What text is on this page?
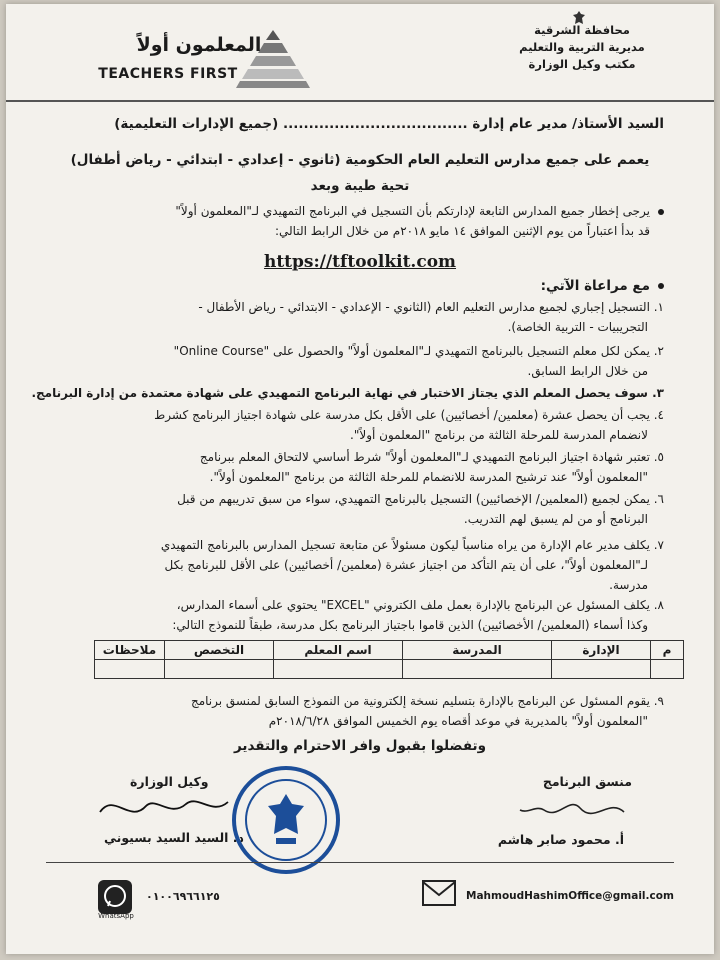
محافظة الشرقية
مديرية التربية والتعليم
مكتب وكيل الوزارة
المعلمون أولاً
TEACHERS FIRST
السيد الأستاذ/ مدير عام إدارة .................................... (جميع الإدارات التعليمية)
يعمم على جميع مدارس التعليم العام الحكومية (ثانوي - إعدادي - ابتدائي - رياض أطفال)
تحية طيبة وبعد
يرجى إخطار جميع المدارس التابعة لإدارتكم بأن التسجيل في البرنامج التمهيدي لـ"المعلمون أولاً"
قد بدأ اعتباراً من يوم الإثنين الموافق ١٤ مايو ٢٠١٨م من خلال الرابط التالي:
https://tftoolkit.com
مع مراعاة الآتي:
١. التسجيل إجباري لجميع مدارس التعليم العام (الثانوي - الإعدادي - الابتدائي - رياض الأطفال -
التجريبيات - التربية الخاصة).
٢. يمكن لكل معلم التسجيل بالبرنامج التمهيدي لـ"المعلمون أولاً" والحصول على "Online Course"
من خلال الرابط السابق.
٣. سوف يحصل المعلم الذي يجتاز الاختبار في نهاية البرنامج التمهيدي على شهادة معتمدة من إدارة البرنامج.
٤. يجب أن يحصل عشرة (معلمين/ أخصائيين) على الأقل بكل مدرسة على شهادة اجتياز البرنامج كشرط
لانضمام المدرسة للمرحلة الثالثة من برنامج "المعلمون أولاً".
٥. تعتبر شهادة اجتياز البرنامج التمهيدي لـ"المعلمون أولاً" شرط أساسي لالتحاق المعلم ببرنامج
"المعلمون أولاً" عند ترشيح المدرسة للانضمام للمرحلة الثالثة من برنامج "المعلمون أولاً".
٦. يمكن لجميع (المعلمين/ الإخصائيين) التسجيل بالبرنامج التمهيدي، سواء من سبق تدريبهم من قبل
البرنامج أو من لم يسبق لهم التدريب.
٧. يكلف مدير عام الإدارة من يراه مناسباً ليكون مسئولاً عن متابعة تسجيل المدارس بالبرنامج التمهيدي
لـ"المعلمون أولاً"، على أن يتم التأكد من اجتياز عشرة (معلمين/ أخصائيين) على الأقل للبرنامج بكل
مدرسة.
٨. يكلف المسئول عن البرنامج بالإدارة بعمل ملف الكتروني "EXCEL" يحتوي على أسماء المدارس،
وكذا أسماء (المعلمين/ الأخصائيين) الذين قاموا باجتياز البرنامج بكل مدرسة، طبقاً للنموذج التالي:
م	الإدارة	المدرسة	اسم المعلم	التخصص	ملاحظات

٩. يقوم المسئول عن البرنامج بالإدارة بتسليم نسخة إلكترونية من النموذج السابق لمنسق برنامج
"المعلمون أولاً" بالمديرية في موعد أقصاه يوم الخميس الموافق ٢٠١٨/٦/٢٨م
وتفضلوا بقبول وافر الاحترام والتقدير
منسق البرنامج
أ. محمود صابر هاشم
وكيل الوزارة
د. السيد السيد بسيوني
MahmoudHashimOffice@gmail.com
٠١٠٠٦٩٦٦١٢٥
WhatsApp
